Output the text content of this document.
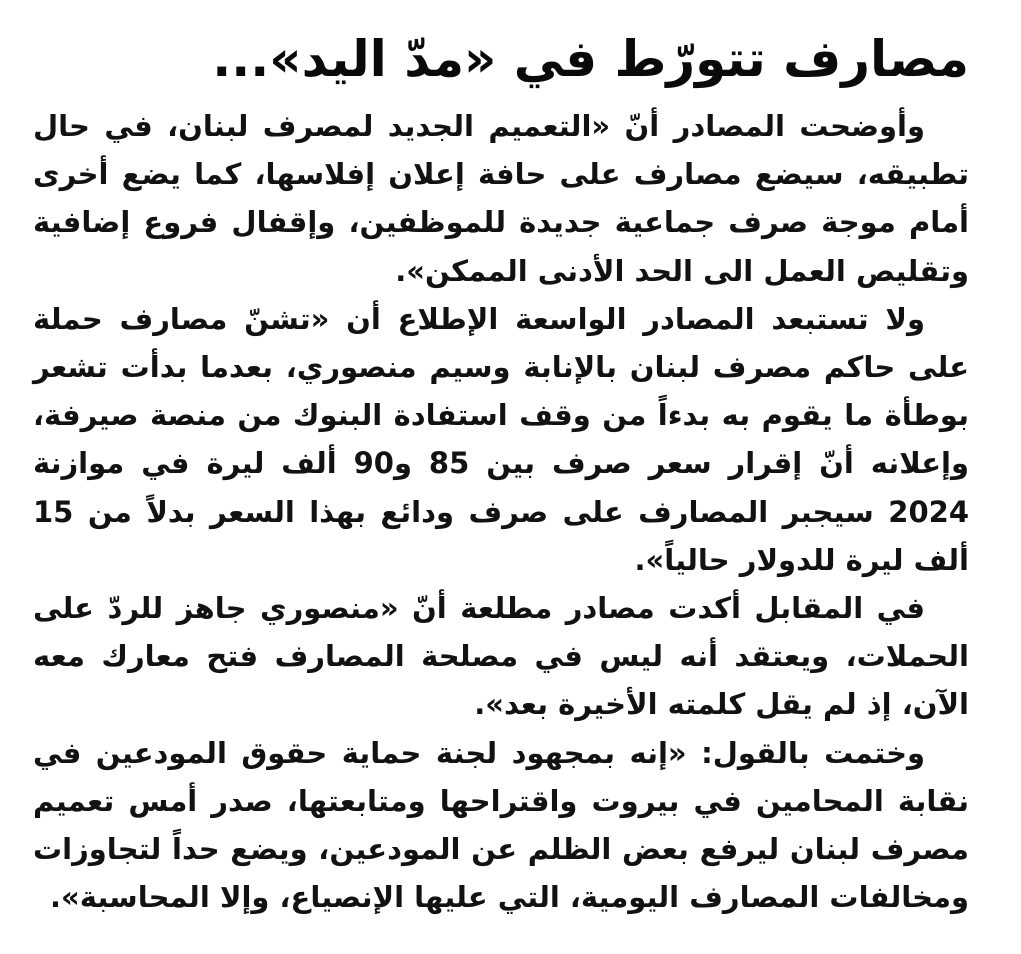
مصارف تتورّط في «مدّ اليد»...

وأوضحت المصادر أنّ «التعميم الجديد لمصرف لبنان، في حال تطبيقه، سيضع مصارف على حافة إعلان إفلاسها، كما يضع أخرى أمام موجة صرف جماعية جديدة للموظفين، وإقفال فروع إضافية وتقليص العمل الى الحد الأدنى الممكن».

ولا تستبعد المصادر الواسعة الإطلاع أن «تشنّ مصارف حملة على حاكم مصرف لبنان بالإنابة وسيم منصوري، بعدما بدأت تشعر بوطأة ما يقوم به بدءاً من وقف استفادة البنوك من منصة صيرفة، وإعلانه أنّ إقرار سعر صرف بين 85 و90 ألف ليرة في موازنة 2024 سيجبر المصارف على صرف ودائع بهذا السعر بدلاً من 15 ألف ليرة للدولار حالياً».

في المقابل أكدت مصادر مطلعة أنّ «منصوري جاهز للردّ على الحملات، ويعتقد أنه ليس في مصلحة المصارف فتح معارك معه الآن، إذ لم يقل كلمته الأخيرة بعد».

وختمت بالقول: «إنه بمجهود لجنة حماية حقوق المودعين في نقابة المحامين في بيروت واقتراحها ومتابعتها، صدر أمس تعميم مصرف لبنان ليرفع بعض الظلم عن المودعين، ويضع حداً لتجاوزات ومخالفات المصارف اليومية، التي عليها الإنصياع، وإلا المحاسبة».
